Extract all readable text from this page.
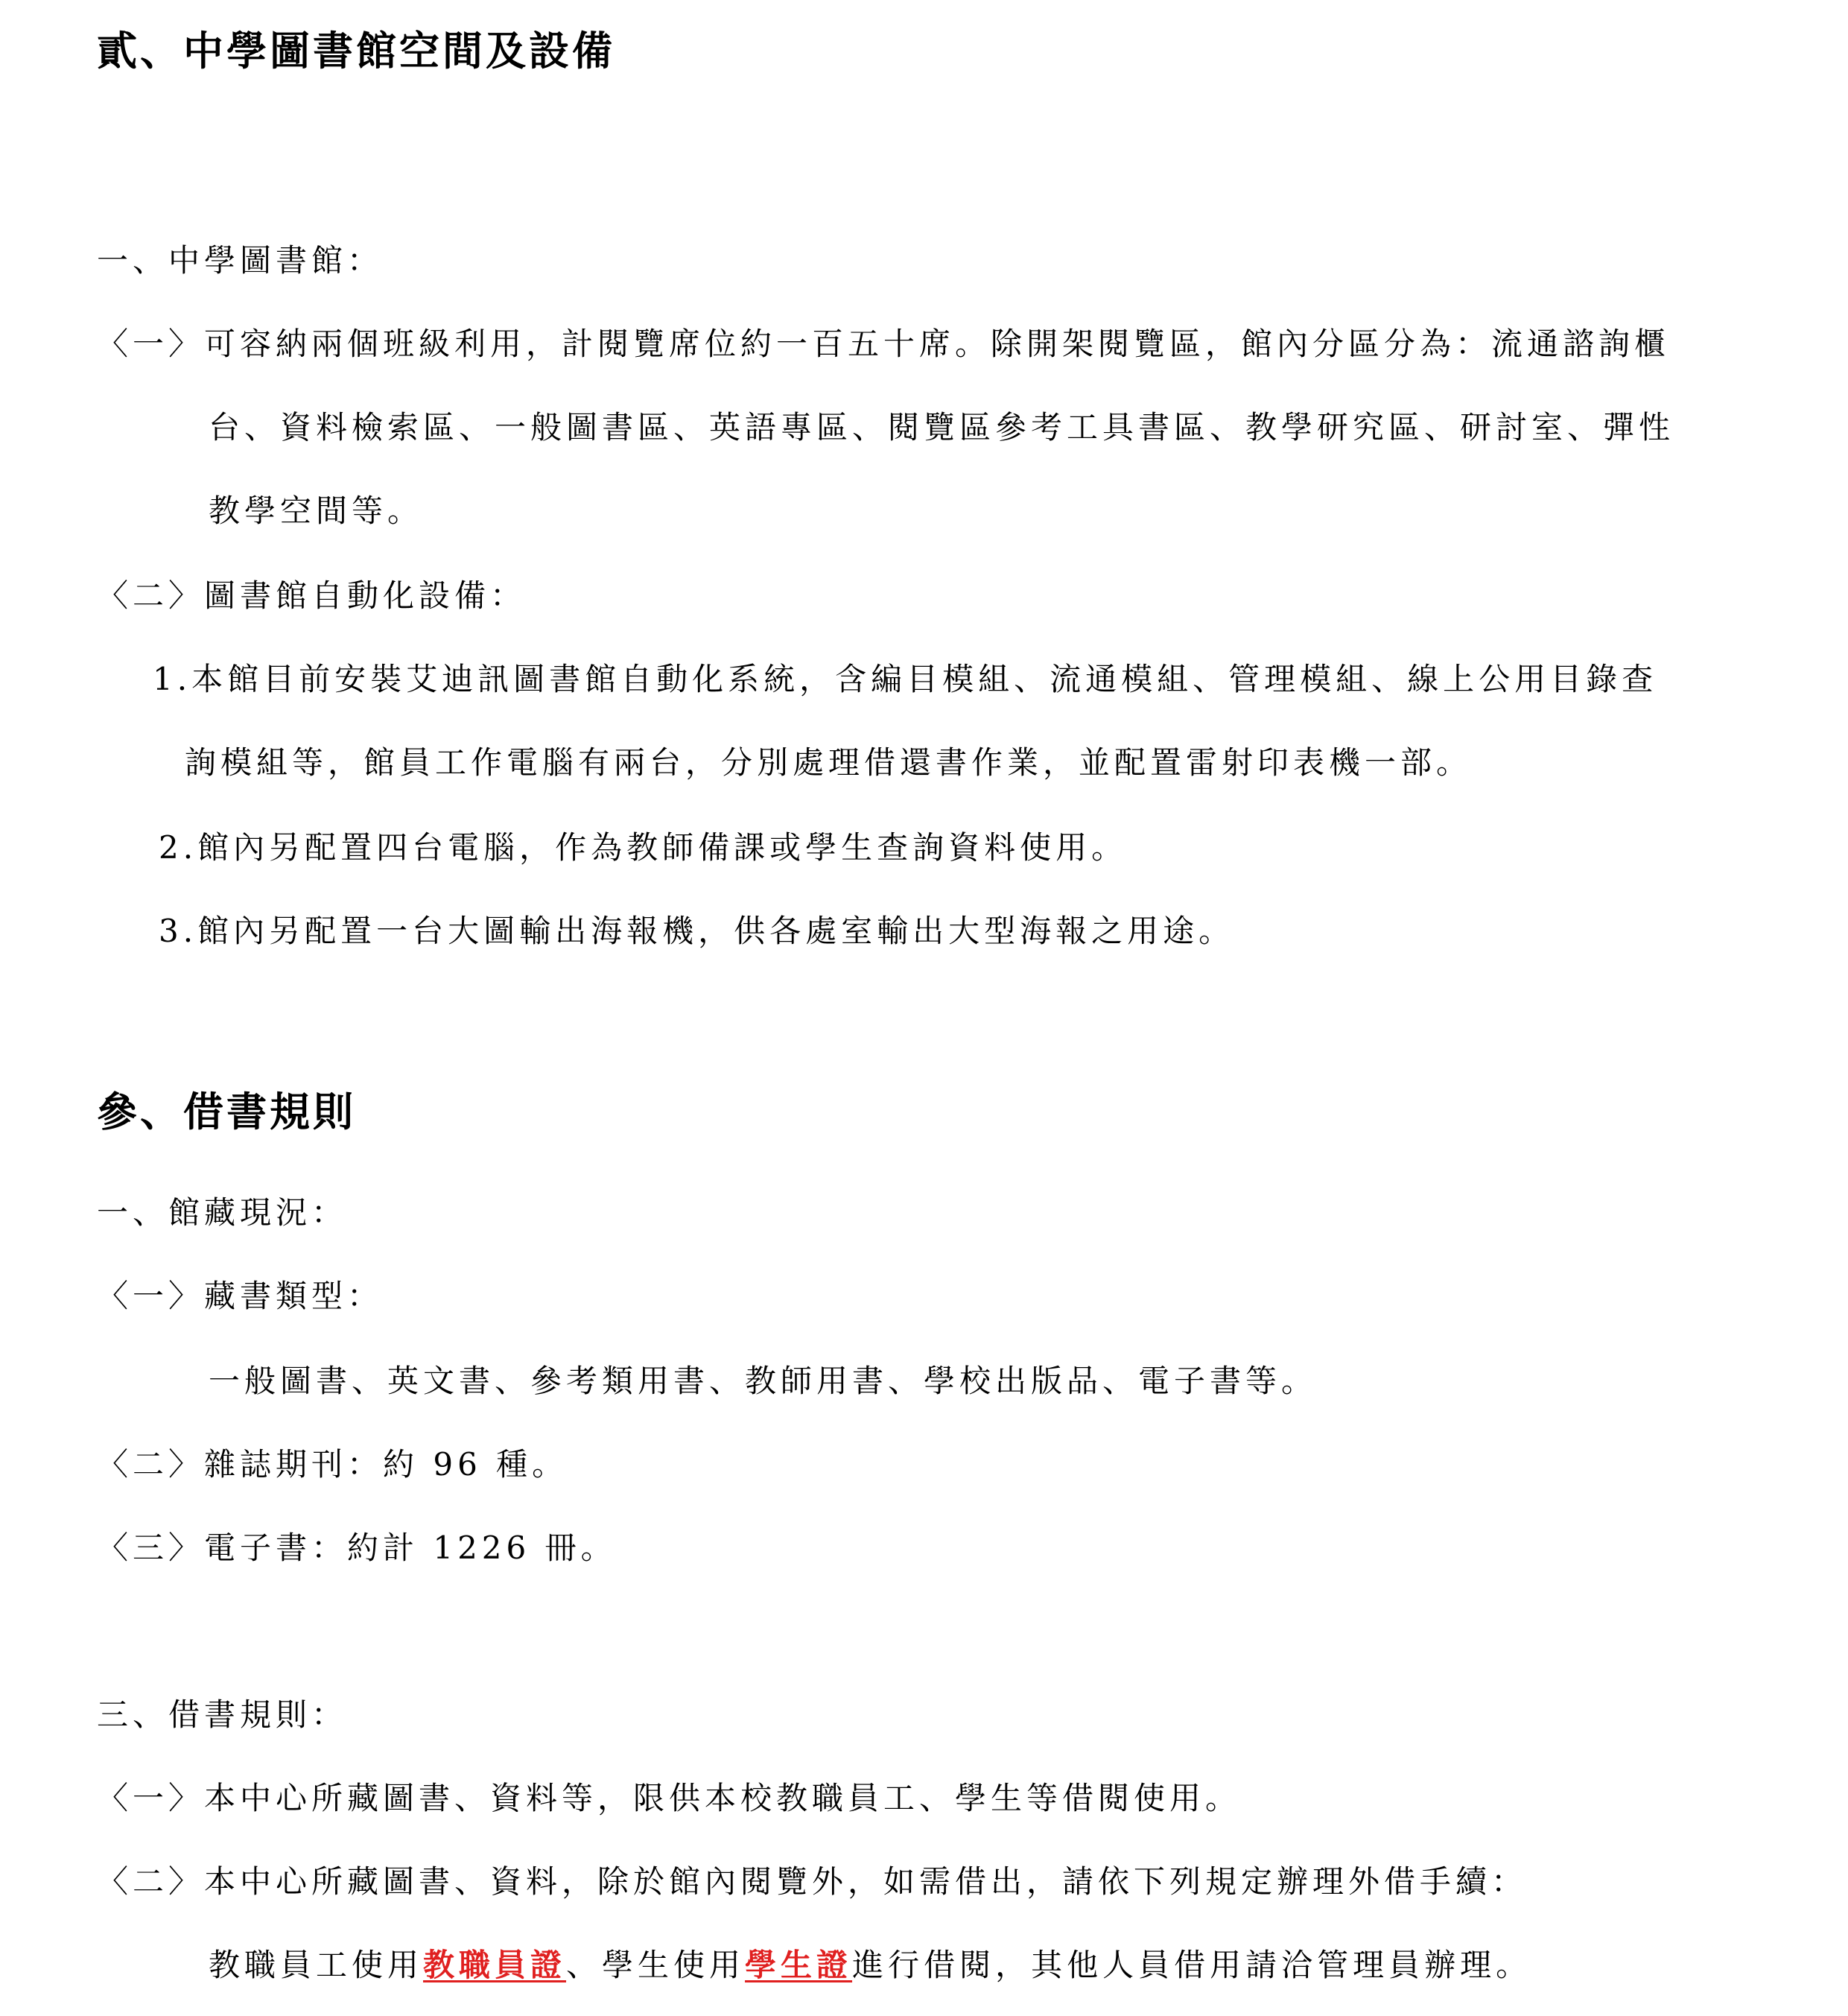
貳、中學圖書館空間及設備
一、中學圖書館：
〈一〉可容納兩個班級利用，計閱覽席位約一百五十席。除開架閱覽區，館內分區分為：流通諮詢櫃
台、資料檢索區、一般圖書區、英語專區、閱覽區參考工具書區、教學研究區、研討室、彈性
教學空間等。
〈二〉圖書館自動化設備：
1.本館目前安裝艾迪訊圖書館自動化系統，含編目模組、流通模組、管理模組、線上公用目錄查
詢模組等，館員工作電腦有兩台，分別處理借還書作業，並配置雷射印表機一部。
2.館內另配置四台電腦，作為教師備課或學生查詢資料使用。
3.館內另配置一台大圖輸出海報機，供各處室輸出大型海報之用途。
參、借書規則
一、館藏現況：
〈一〉藏書類型：
一般圖書、英文書、參考類用書、教師用書、學校出版品、電子書等。
〈二〉雜誌期刊：約 96 種。
〈三〉電子書：約計 1226 冊。
三、借書規則：
〈一〉本中心所藏圖書、資料等，限供本校教職員工、學生等借閱使用。
〈二〉本中心所藏圖書、資料，除於館內閱覽外，如需借出，請依下列規定辦理外借手續：
教職員工使用教職員證、學生使用學生證進行借閱，其他人員借用請洽管理員辦理。
